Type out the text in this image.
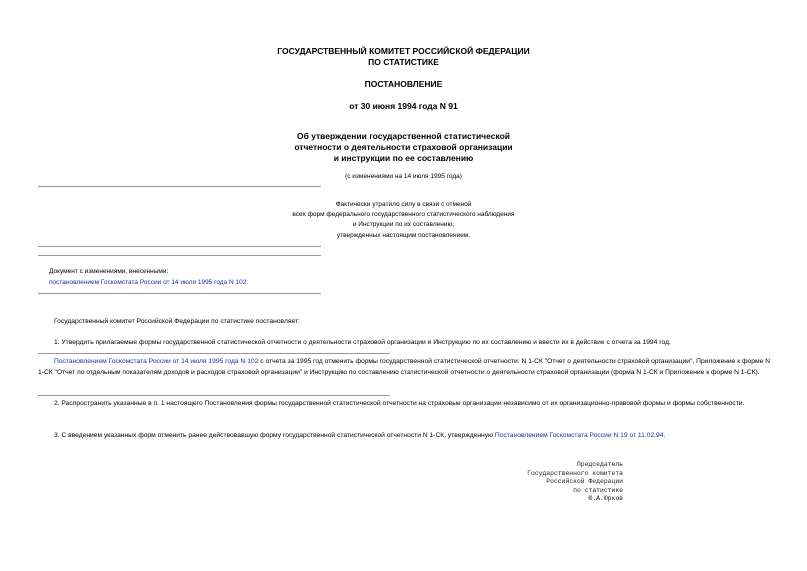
ГОСУДАРСТВЕННЫЙ КОМИТЕТ РОССИЙСКОЙ ФЕДЕРАЦИИ
ПО СТАТИСТИКЕ
ПОСТАНОВЛЕНИЕ
от 30 июня 1994 года N 91
Об утверждении государственной статистической
отчетности о деятельности страховой организации
и инструкции по ее составлению
(с изменениями на 14 июля 1995 года)
Фактически утратило силу в связи с отменой
всех форм федерального государственного статистического наблюдения
и Инструкции по их составлению,
утвержденных настоящим постановлением.
Документ с изменениями, внесенными:
постановлением Госкомстата России от 14 июля 1995 года N 102.
Государственный комитет Российской Федерации по статистике постановляет:
1. Утвердить прилагаемые формы государственной статистической отчетности о деятельности страховой организации и Инструкцию по их составлению и ввести их в действие с отчета за 1994 год.
Постановлением Госкомстата России от 14 июля 1995 года N 102 с отчета за 1995 год отменить формы государственной статистической отчетности: N 1-СК "Отчет о деятельности страховой организации", Приложение к форме N 1-СК "Отчет по отдельным показателям доходов и расходов страховой организации" и Инструкцию по составлению статистической отчетности о деятельности страховой организации (форма N 1-СК и Приложение к форме N 1-СК).
2. Распространить указанные в п. 1 настоящего Постановления формы государственной статистической отчетности на страховые организации независимо от их организационно-правовой формы и формы собственности.
3. С введением указанных форм отменить ранее действовавшую форму государственной статистической отчетности N 1-СК, утвержденную Постановлением Госкомстата России N 19 от 11.02.94.
Председатель
Государственного комитета
Российской Федерации
по статистике
Ю.А.Юрков
